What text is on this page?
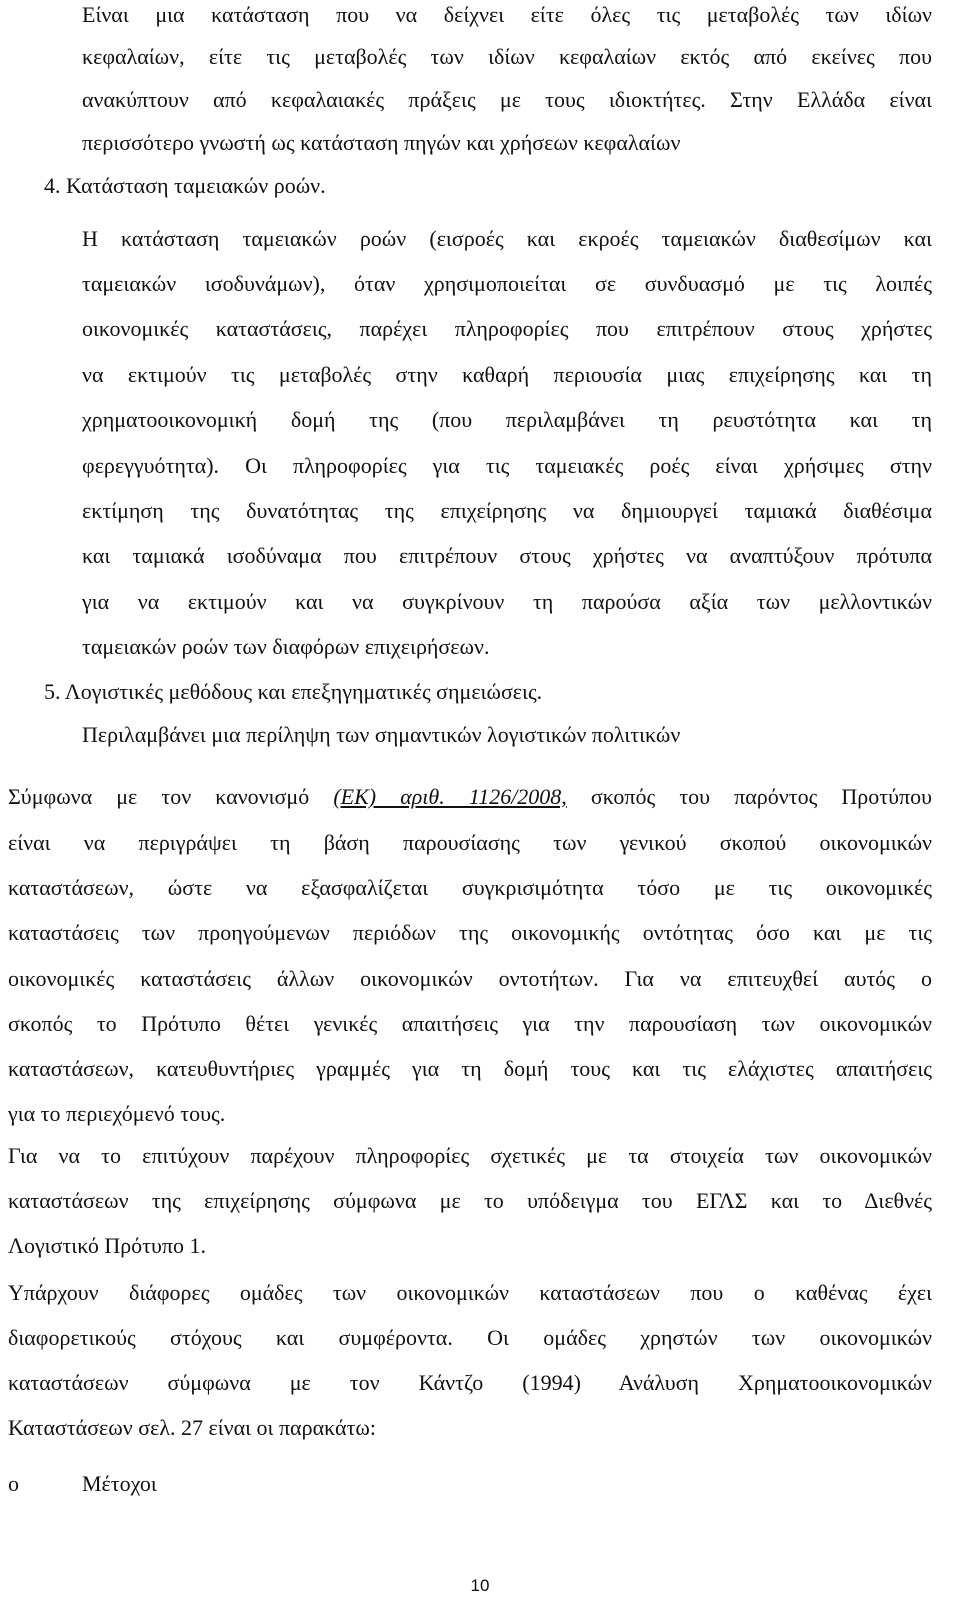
Είναι μια κατάσταση που να δείχνει είτε όλες τις μεταβολές των ιδίων
κεφαλαίων, είτε τις μεταβολές των ιδίων κεφαλαίων εκτός από εκείνες που
ανακύπτουν από κεφαλαιακές πράξεις με τους ιδιοκτήτες. Στην Ελλάδα είναι
περισσότερο γνωστή ως κατάσταση πηγών και χρήσεων κεφαλαίων
4. Κατάσταση ταμειακών ροών.
Η κατάσταση ταμειακών ροών (εισροές και εκροές ταμειακών διαθεσίμων και
ταμειακών ισοδυνάμων), όταν χρησιμοποιείται σε συνδυασμό με τις λοιπές
οικονομικές καταστάσεις, παρέχει πληροφορίες που επιτρέπουν στους χρήστες
να εκτιμούν τις μεταβολές στην καθαρή περιουσία μιας επιχείρησης και τη
χρηματοοικονομική δομή της (που περιλαμβάνει τη ρευστότητα και τη
φερεγγυότητα). Οι πληροφορίες για τις ταμειακές ροές είναι χρήσιμες στην
εκτίμηση της δυνατότητας της επιχείρησης να δημιουργεί ταμιακά διαθέσιμα
και ταμιακά ισοδύναμα που επιτρέπουν στους χρήστες να αναπτύξουν πρότυπα
για να εκτιμούν και να συγκρίνουν τη παρούσα αξία των μελλοντικών
ταμειακών ροών των διαφόρων επιχειρήσεων.
5. Λογιστικές μεθόδους και επεξηγηματικές σημειώσεις.
Περιλαμβάνει μια περίληψη των σημαντικών λογιστικών πολιτικών
Σύμφωνα με τον κανονισμό (ΕΚ) αριθ. 1126/2008, σκοπός του παρόντος Προτύπου
είναι να περιγράψει τη βάση παρουσίασης των γενικού σκοπού οικονομικών
καταστάσεων, ώστε να εξασφαλίζεται συγκρισιμότητα τόσο με τις οικονομικές
καταστάσεις των προηγούμενων περιόδων της οικονομικής οντότητας όσο και με τις
οικονομικές καταστάσεις άλλων οικονομικών οντοτήτων. Για να επιτευχθεί αυτός ο
σκοπός το Πρότυπο θέτει γενικές απαιτήσεις για την παρουσίαση των οικονομικών
καταστάσεων, κατευθυντήριες γραμμές για τη δομή τους και τις ελάχιστες απαιτήσεις
για το περιεχόμενό τους.
Για να το επιτύχουν παρέχουν πληροφορίες σχετικές με τα στοιχεία των οικονομικών
καταστάσεων της επιχείρησης σύμφωνα με το υπόδειγμα του ΕΓΛΣ και το Διεθνές
Λογιστικό Πρότυπο 1.
Υπάρχουν διάφορες ομάδες των οικονομικών καταστάσεων που ο καθένας έχει
διαφορετικούς στόχους και συμφέροντα. Οι ομάδες χρηστών των οικονομικών
καταστάσεων σύμφωνα με τον Κάντζο (1994) Ανάλυση Χρηματοοικονομικών
Καταστάσεων σελ. 27 είναι οι παρακάτω:
o	Μέτοχοι
10
